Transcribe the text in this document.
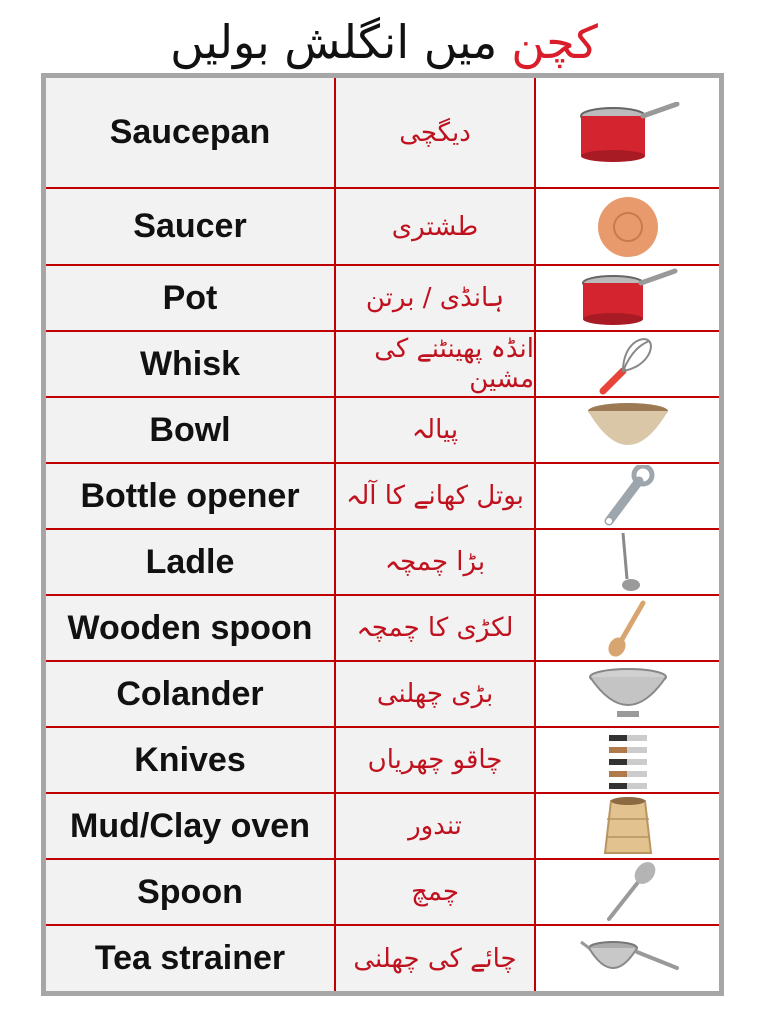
کچن
میں انگلش بولیں
Saucepan	دیگچی
Saucer	طشتری
Pot	ہانڈی / برتن
Whisk	انڈہ پھینٹنے کی مشین
Bowl	پیالہ
Bottle opener	بوتل کھانے کا آلہ
Ladle	بڑا چمچہ
Wooden spoon	لکڑی کا چمچہ
Colander	بڑی چھلنی
Knives	چاقو چھریاں
Mud/Clay oven	تندور
Spoon	چمچ
Tea strainer	چائے کی چھلنی
